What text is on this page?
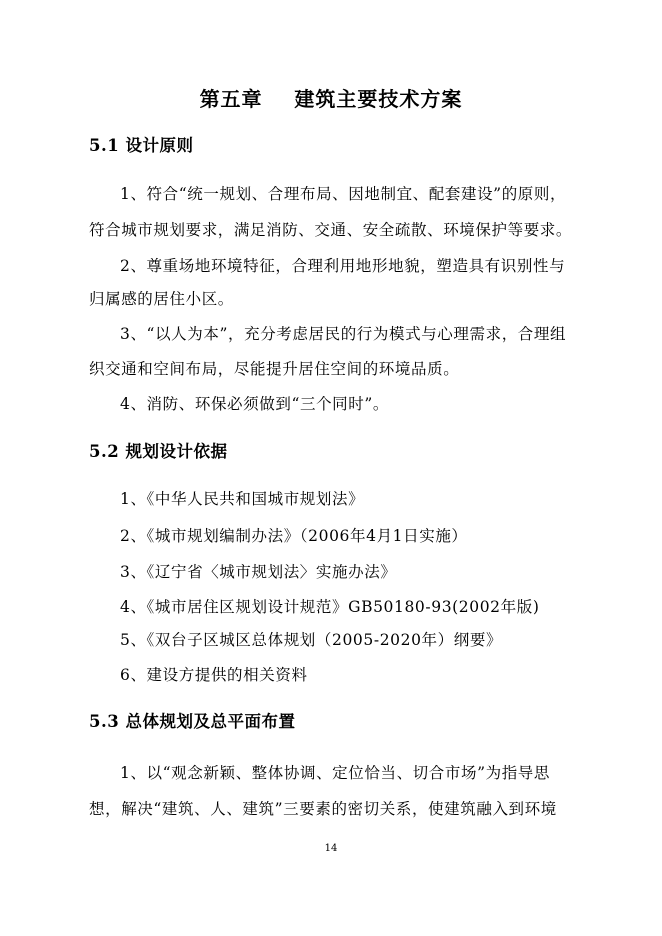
第五章    建筑主要技术方案
5.1 设计原则
1、符合“统一规划、合理布局、因地制宜、配套建设”的原则，
符合城市规划要求，满足消防、交通、安全疏散、环境保护等要求。
2、尊重场地环境特征，合理利用地形地貌，塑造具有识别性与
归属感的居住小区。
3、“以人为本”，充分考虑居民的行为模式与心理需求，合理组
织交通和空间布局，尽能提升居住空间的环境品质。
4、消防、环保必须做到“三个同时”。
5.2 规划设计依据
1、《中华人民共和国城市规划法》
2、《城市规划编制办法》（2006年4月1日实施）
3、《辽宁省〈城市规划法〉实施办法》
4、《城市居住区规划设计规范》GB50180-93(2002年版)
5、《双台子区城区总体规划（2005-2020年）纲要》
6、建设方提供的相关资料
5.3 总体规划及总平面布置
1、以“观念新颖、整体协调、定位恰当、切合市场”为指导思
想，解决“建筑、人、建筑”三要素的密切关系，使建筑融入到环境
14
